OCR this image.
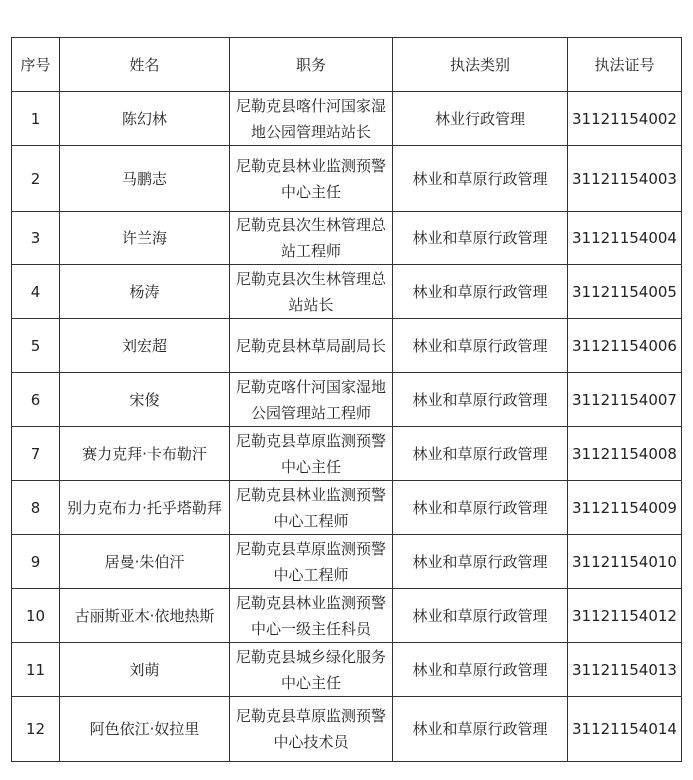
序号	姓名	职务	执法类别	执法证号
1	陈幻林	尼勒克县喀什河国家湿地公园管理站站长	林业行政管理	31121154002
2	马鹏志	尼勒克县林业监测预警中心主任	林业和草原行政管理	31121154003
3	许兰海	尼勒克县次生林管理总站工程师	林业和草原行政管理	31121154004
4	杨涛	尼勒克县次生林管理总站站长	林业和草原行政管理	31121154005
5	刘宏超	尼勒克县林草局副局长	林业和草原行政管理	31121154006
6	宋俊	尼勒克喀什河国家湿地公园管理站工程师	林业和草原行政管理	31121154007
7	赛力克拜·卡布勒汗	尼勒克县草原监测预警中心主任	林业和草原行政管理	31121154008
8	别力克布力·托乎塔勒拜	尼勒克县林业监测预警中心工程师	林业和草原行政管理	31121154009
9	居曼·朱伯汗	尼勒克县草原监测预警中心工程师	林业和草原行政管理	31121154010
10	古丽斯亚木·依地热斯	尼勒克县林业监测预警中心一级主任科员	林业和草原行政管理	31121154012
11	刘萌	尼勒克县城乡绿化服务中心主任	林业和草原行政管理	31121154013
12	阿色依江·奴拉里	尼勒克县草原监测预警中心技术员	林业和草原行政管理	31121154014
